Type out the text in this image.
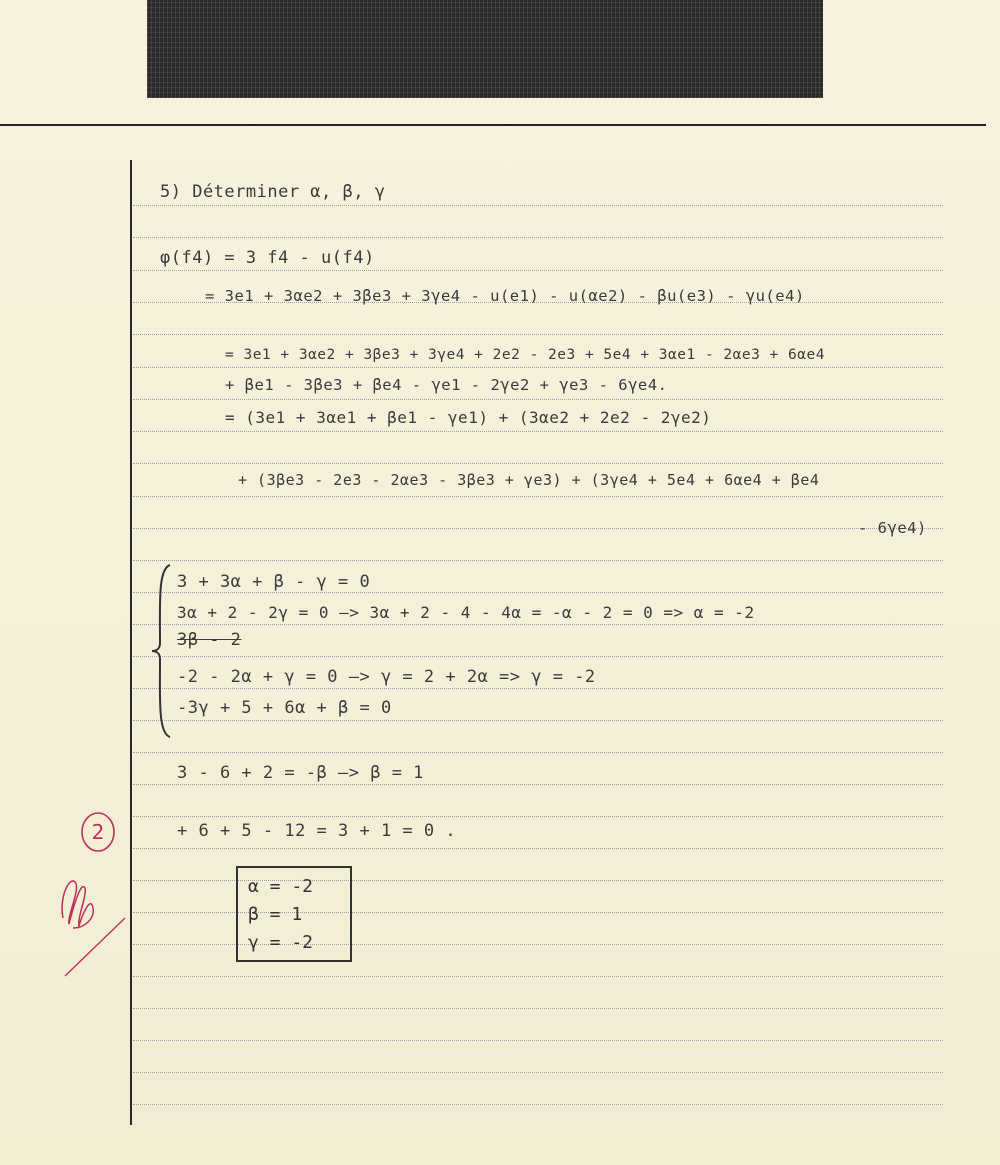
5) Déterminer α, β, γ

φ(f4) = 3 f4 - u(f4)

= 3e1 + 3αe2 + 3βe3 + 3γe4 - u(e1) - u(αe2) - βu(e3) - γu(e4)

= 3e1 + 3αe2 + 3βe3 + 3γe4 + 2e2 - 2e3 + 5e4 + 3αe1 - 2αe3 + 6αe4

+ βe1 - 3βe3 + βe4 - γe1 - 2γe2 + γe3 - 6γe4.

= (3e1 + 3αe1 + βe1 - γe1) + (3αe2 + 2e2 - 2γe2)

+ (3βe3 - 2e3 - 2αe3 - 3βe3 + γe3) + (3γe4 + 5e4 + 6αe4 + βe4

- 6γe4)

3 + 3α + β - γ = 0

3α + 2 - 2γ = 0 —> 3α + 2 - 4 - 4α = -α - 2 = 0 => α = -2

3β - 2

-2 - 2α + γ = 0 —> γ = 2 + 2α => γ = -2

-3γ + 5 + 6α + β = 0

3 - 6 + 2 = -β —> β = 1

+ 6 + 5 - 12 = 3 + 1 = 0 .

α = -2

β = 1

γ = -2

2
